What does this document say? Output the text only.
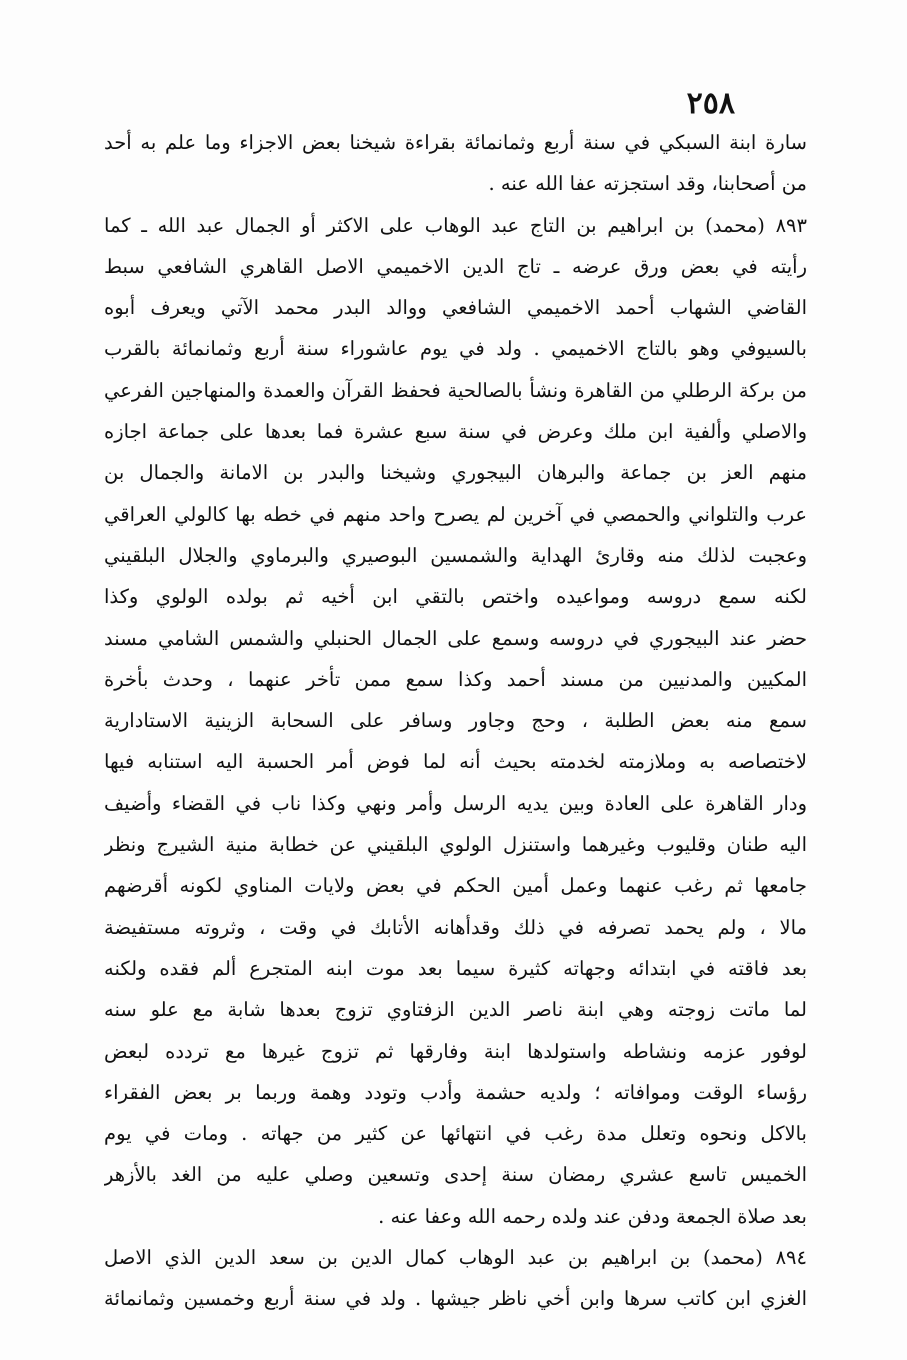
٢٥٨
سارة ابنة السبكي في سنة أربع وثمانمائة بقراءة شيخنا بعض الاجزاء وما علم به أحد
من أصحابنا، وقد استجزته عفا الله عنه .
٨٩٣ (محمد) بن ابراهيم بن التاج عبد الوهاب على الاكثر أو الجمال عبد الله ـ كما
رأيته في بعض ورق عرضه ـ تاج الدين الاخميمي الاصل القاهري الشافعي سبط
القاضي الشهاب أحمد الاخميمي الشافعي ووالد البدر محمد الآتي ويعرف أبوه
بالسيوفي وهو بالتاج الاخميمي . ولد في يوم عاشوراء سنة أربع وثمانمائة بالقرب
من بركة الرطلي من القاهرة ونشأ بالصالحية فحفظ القرآن والعمدة والمنهاجين الفرعي
والاصلي وألفية ابن ملك وعرض في سنة سبع عشرة فما بعدها على جماعة اجازه
منهم العز بن جماعة والبرهان البيجوري وشيخنا والبدر بن الامانة والجمال بن
عرب والتلواني والحمصي في آخرين لم يصرح واحد منهم في خطه بها كالولي العراقي
وعجبت لذلك منه وقارئ الهداية والشمسين البوصيري والبرماوي والجلال البلقيني
لكنه سمع دروسه ومواعيده واختص بالتقي ابن أخيه ثم بولده الولوي وكذا
حضر عند البيجوري في دروسه وسمع على الجمال الحنبلي والشمس الشامي مسند
المكيين والمدنيين من مسند أحمد وكذا سمع ممن تأخر عنهما ، وحدث بأخرة
سمع منه بعض الطلبة ، وحج وجاور وسافر على السحابة الزينية الاستادارية
لاختصاصه به وملازمته لخدمته بحيث أنه لما فوض أمر الحسبة اليه استنابه فيها
ودار القاهرة على العادة وبين يديه الرسل وأمر ونهي وكذا ناب في القضاء وأضيف
اليه طنان وقليوب وغيرهما واستنزل الولوي البلقيني عن خطابة منية الشيرج ونظر
جامعها ثم رغب عنهما وعمل أمين الحكم في بعض ولايات المناوي لكونه أقرضهم
مالا ، ولم يحمد تصرفه في ذلك وقدأهانه الأتابك في وقت ، وثروته مستفيضة
بعد فاقته في ابتدائه وجهاته كثيرة سيما بعد موت ابنه المتجرع ألم فقده ولكنه
لما ماتت زوجته وهي ابنة ناصر الدين الزفتاوي تزوج بعدها شابة مع علو سنه
لوفور عزمه ونشاطه واستولدها ابنة وفارقها ثم تزوج غيرها مع تردده لبعض
رؤساء الوقت وموافاته ؛ ولديه حشمة وأدب وتودد وهمة وربما بر بعض الفقراء
بالاكل ونحوه وتعلل مدة رغب في انتهائها عن كثير من جهاته . ومات في يوم
الخميس تاسع عشري رمضان سنة إحدى وتسعين وصلي عليه من الغد بالأزهر
بعد صلاة الجمعة ودفن عند ولده رحمه الله وعفا عنه .
٨٩٤ (محمد) بن ابراهيم بن عبد الوهاب كمال الدين بن سعد الدين الذي الاصل
الغزي ابن كاتب سرها وابن أخي ناظر جيشها . ولد في سنة أربع وخمسين وثمانمائة
